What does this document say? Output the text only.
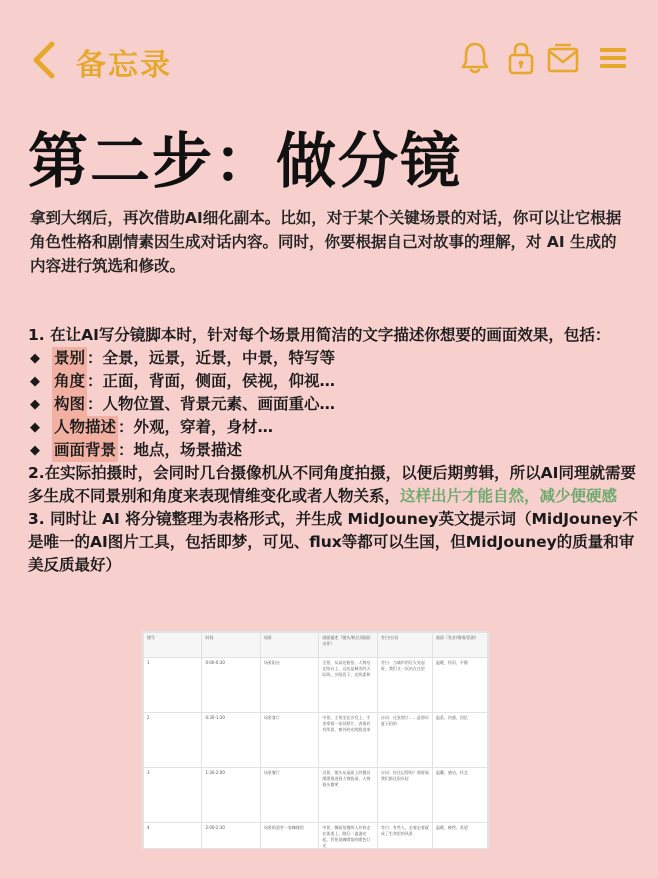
备忘录
第二步：做分镜
拿到大纲后，再次借助AI细化副本。比如，对于某个关键场景的对话，你可以让它根据角色性格和剧情素因生成对话内容。同时，你要根据自己对故事的理解，对 AI 生成的内容进行筑选和修改。
1. 在让AI写分镜脚本时，针对每个场景用简洁的文字描述你想要的画面效果，包括：
◆ 景别 ：全景，远景，近景，中景，特写等
◆ 角度 ：正面，背面，侧面，侯视，仰视…
◆ 构图 ：人物位置、背景元素、画面重心…
◆ 人物描述 ：外观，穿着，身材…
◆ 画面背景 ：地点，场景描述
2.在实际拍摄时，会同时几台摄像机从不同角度拍摄，以便后期剪辑，所以AI同理就需要多生成不同景别和角度来表现情维变化或者人物关系，这样出片才能自然，减少便硬感
3. 同时让 AI 将分镜整理为表格形式，并生成 MidJouney英文提示词（MidJouney不是唯一的AI图片工具，包括即梦，可见、flux等都可以生国，但MidJouney的质量和审美反质最好）
镜号	时间	场景	画面描述（镜头/机位/画面/动作）	旁白/台词	画面（发音/情绪/氛围）
1	0:00-0:30	场景阳台	全景，从高处俯拍，人物站在阳台上，远处是城市的天际线，夕阳西下，光线柔和	旁白：当城市的灯火亮起时，我们又一次站在这里	温暖，怀旧，平静
2	0:30-1:30	场景客厅	中景，主角坐在沙发上，手里拿着一张旧照片，表情若有所思，窗外的光线照进来	台词：这张照片……是那年夏天拍的	温柔，伤感，回忆
3	1:30-2:00	场景餐厅	近景，镜头从桌面上的餐具缓缓推进到人物脸部，人物低头微笑	台词：你还记得吗？那时候我们都还很年轻	温馨，感动，怀念
4	2:00-2:30	场景街道旁一家咖啡馆	中景，侧面拍摄两人并肩走在街道上，路灯一盏盏亮起，背景是咖啡馆的暖色灯光	旁白：有些人，走着走着就成了生命里的风景	温暖，释然，希望
